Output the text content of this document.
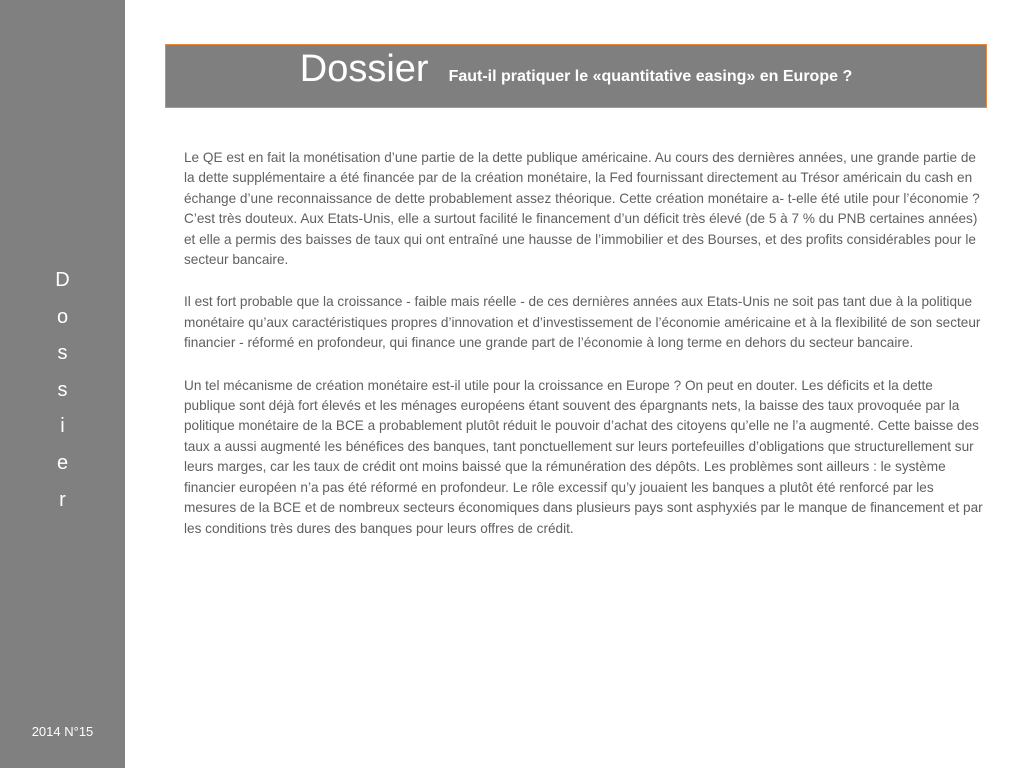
D
o
s
s
i
e
r
2014 N°15
Dossier Faut-il pratiquer le «quantitative easing» en Europe ?

Le QE est en fait la monétisation d’une partie de la dette publique américaine. Au cours des dernières années, une grande partie de la dette supplémentaire a été financée par de la création monétaire, la Fed fournissant directement au Trésor américain du cash en échange d’une reconnaissance de dette probablement assez théorique. Cette création monétaire a- t-elle été utile pour l’économie ? C’est très douteux. Aux Etats-Unis, elle a surtout facilité le financement d’un déficit très élevé (de 5 à 7 % du PNB certaines années) et elle a permis des baisses de taux qui ont entraîné une hausse de l’immobilier et des Bourses, et des profits considérables pour le secteur bancaire.

Il est fort probable que la croissance - faible mais réelle - de ces dernières années aux Etats-Unis ne soit pas tant due à la politique monétaire qu’aux caractéristiques propres d’innovation et d’investissement de l’économie américaine et à la flexibilité de son secteur financier - réformé en profondeur, qui finance une grande part de l’économie à long terme en dehors du secteur bancaire.

Un tel mécanisme de création monétaire est-il utile pour la croissance en Europe ? On peut en douter. Les déficits et la dette publique sont déjà fort élevés et les ménages européens étant souvent des épargnants nets, la baisse des taux provoquée par la politique monétaire de la BCE a probablement plutôt réduit le pouvoir d’achat des citoyens qu’elle ne l’a augmenté. Cette baisse des taux a aussi augmenté les bénéfices des banques, tant ponctuellement sur leurs portefeuilles d’obligations que structurellement sur leurs marges, car les taux de crédit ont moins baissé que la rémunération des dépôts. Les problèmes sont ailleurs : le système financier européen n’a pas été réformé en profondeur. Le rôle excessif qu’y jouaient les banques a plutôt été renforcé par les mesures de la BCE et de nombreux secteurs économiques dans plusieurs pays sont asphyxiés par le manque de financement et par les conditions très dures des banques pour leurs offres de crédit.
